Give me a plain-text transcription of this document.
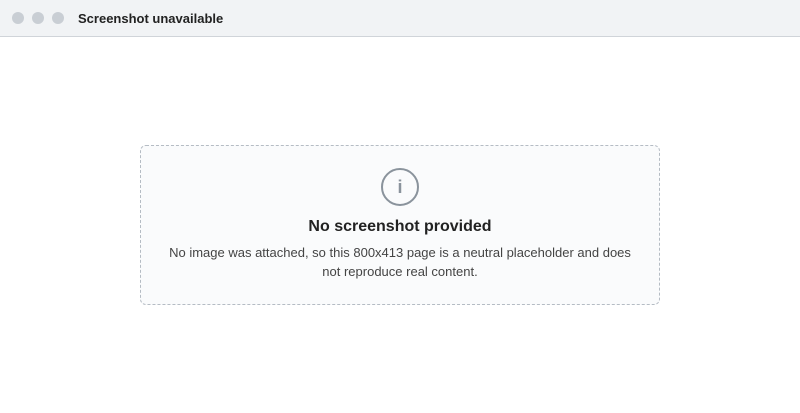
Screenshot unavailable
i
No screenshot provided
No image was attached, so this 800x413 page is a neutral placeholder and does not reproduce real content.
